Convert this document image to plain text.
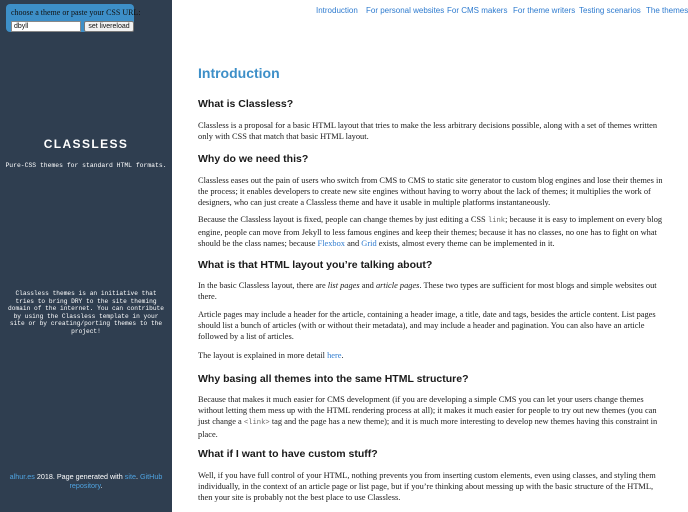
choose a theme or paste your CSS URL:
dbyll	set livereload
CLASSLESS
Pure-CSS themes for standard HTML formats.
Classless themes is an initiative that tries to bring DRY to the site theming domain of the internet. You can contribute by using the Classless template in your site or by creating/porting themes to the project!
alhur.es 2018. Page generated with site. GitHub repository.
Introduction For personal websites For CMS makers For theme writers Testing scenarios The themes
Introduction
What is Classless?
Classless is a proposal for a basic HTML layout that tries to make the less arbitrary decisions possible, along with a set of themes written only with CSS that match that basic HTML layout.
Why do we need this?
Classless eases out the pain of users who switch from CMS to CMS to static site generator to custom blog engines and lose their themes in the process; it enables developers to create new site engines without having to worry about the lack of themes; it multiplies the work of designers, who can just create a Classless theme and have it usable in multiple platforms instantaneously.
Because the Classless layout is fixed, people can change themes by just editing a CSS link; because it is easy to implement on every blog engine, people can move from Jekyll to less famous engines and keep their themes; because it has no classes, no one has to fight on what should be the class names; because Flexbox and Grid exists, almost every theme can be implemented in it.
What is that HTML layout you’re talking about?
In the basic Classless layout, there are list pages and article pages. These two types are sufficient for most blogs and simple websites out there.
Article pages may include a header for the article, containing a header image, a title, date and tags, besides the article content. List pages should list a bunch of articles (with or without their metadata), and may include a header and pagination. You can also have an article followed by a list of articles.
The layout is explained in more detail here.
Why basing all themes into the same HTML structure?
Because that makes it much easier for CMS development (if you are developing a simple CMS you can let your users change themes without letting them mess up with the HTML rendering process at all); it makes it much easier for people to try out new themes (you can just change a <link> tag and the page has a new theme); and it is much more interesting to develop new themes having this constraint in place.
What if I want to have custom stuff?
Well, if you have full control of your HTML, nothing prevents you from inserting custom elements, even using classes, and styling them individually, in the context of an article page or list page, but if you’re thinking about messing up with the basic structure of the HTML, then your site is probably not the best place to use Classless.
